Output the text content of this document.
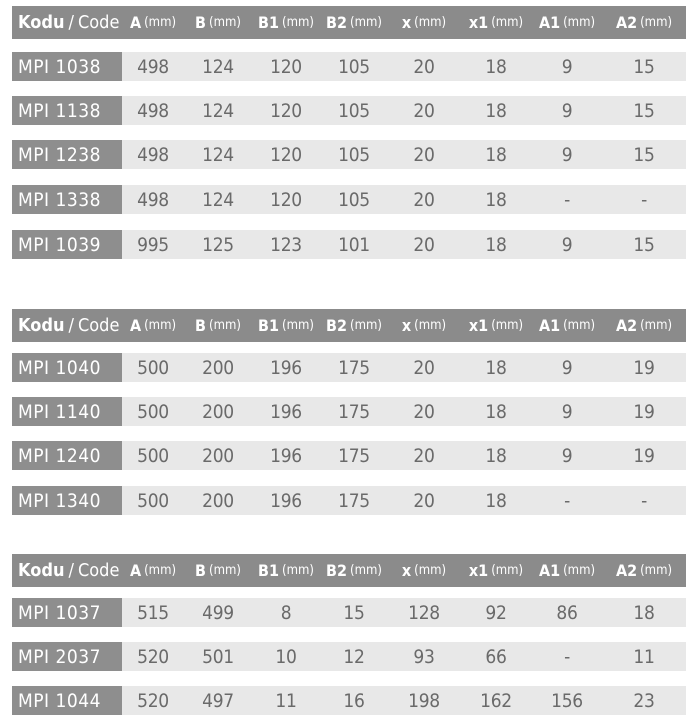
Kodu / Code A (mm) B (mm) B1 (mm) B2 (mm) x (mm) x1 (mm) A1 (mm) A2 (mm)
MPI 1038	498	124	120	105	20	18	9	15
MPI 1138	498	124	120	105	20	18	9	15
MPI 1238	498	124	120	105	20	18	9	15
MPI 1338	498	124	120	105	20	18	-	-
MPI 1039	995	125	123	101	20	18	9	15
Kodu / Code A (mm) B (mm) B1 (mm) B2 (mm) x (mm) x1 (mm) A1 (mm) A2 (mm)
MPI 1040	500	200	196	175	20	18	9	19
MPI 1140	500	200	196	175	20	18	9	19
MPI 1240	500	200	196	175	20	18	9	19
MPI 1340	500	200	196	175	20	18	-	-
Kodu / Code A (mm) B (mm) B1 (mm) B2 (mm) x (mm) x1 (mm) A1 (mm) A2 (mm)
MPI 1037	515	499	8	15	128	92	86	18
MPI 2037	520	501	10	12	93	66	-	11
MPI 1044	520	497	11	16	198	162	156	23
